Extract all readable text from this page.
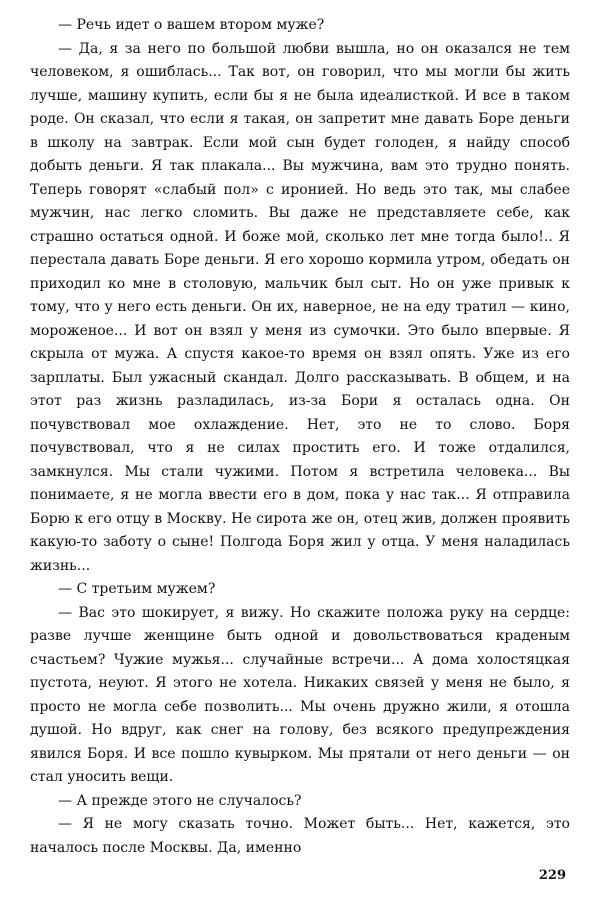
— Речь идет о вашем втором муже?

— Да, я за него по большой любви вышла, но он оказался не тем человеком, я ошиблась... Так вот, он говорил, что мы могли бы жить лучше, машину купить, если бы я не была идеалисткой. И все в таком роде. Он сказал, что если я такая, он запретит мне давать Боре деньги в школу на завтрак. Если мой сын будет голоден, я найду способ добыть деньги. Я так плакала... Вы мужчина, вам это трудно понять. Теперь говорят «слабый пол» с иронией. Но ведь это так, мы слабее мужчин, нас легко сломить. Вы даже не представляете себе, как страшно остаться одной. И боже мой, сколько лет мне тогда было!.. Я перестала давать Боре деньги. Я его хорошо кормила утром, обедать он приходил ко мне в столовую, мальчик был сыт. Но он уже привык к тому, что у него есть деньги. Он их, наверное, не на еду тратил — кино, мороженое... И вот он взял у меня из сумочки. Это было впервые. Я скрыла от мужа. А спустя какое-то время он взял опять. Уже из его зарплаты. Был ужасный скандал. Долго рассказывать. В общем, и на этот раз жизнь разладилась, из-за Бори я осталась одна. Он почувствовал мое охлаждение. Нет, это не то слово. Боря почувствовал, что я не силах простить его. И тоже отдалился, замкнулся. Мы стали чужими. Потом я встретила человека... Вы понимаете, я не могла ввести его в дом, пока у нас так... Я отправила Борю к его отцу в Москву. Не сирота же он, отец жив, должен проявить какую-то заботу о сыне! Полгода Боря жил у отца. У меня наладилась жизнь...

— С третьим мужем?

— Вас это шокирует, я вижу. Но скажите положа руку на сердце: разве лучше женщине быть одной и довольствоваться краденым счастьем? Чужие мужья... случайные встречи... А дома холостяцкая пустота, неуют. Я этого не хотела. Никаких связей у меня не было, я просто не могла себе позволить... Мы очень дружно жили, я отошла душой. Но вдруг, как снег на голову, без всякого предупреждения явился Боря. И все пошло кувырком. Мы прятали от него деньги — он стал уносить вещи.

— А прежде этого не случалось?

— Я не могу сказать точно. Может быть... Нет, кажется, это началось после Москвы. Да, именно

229
